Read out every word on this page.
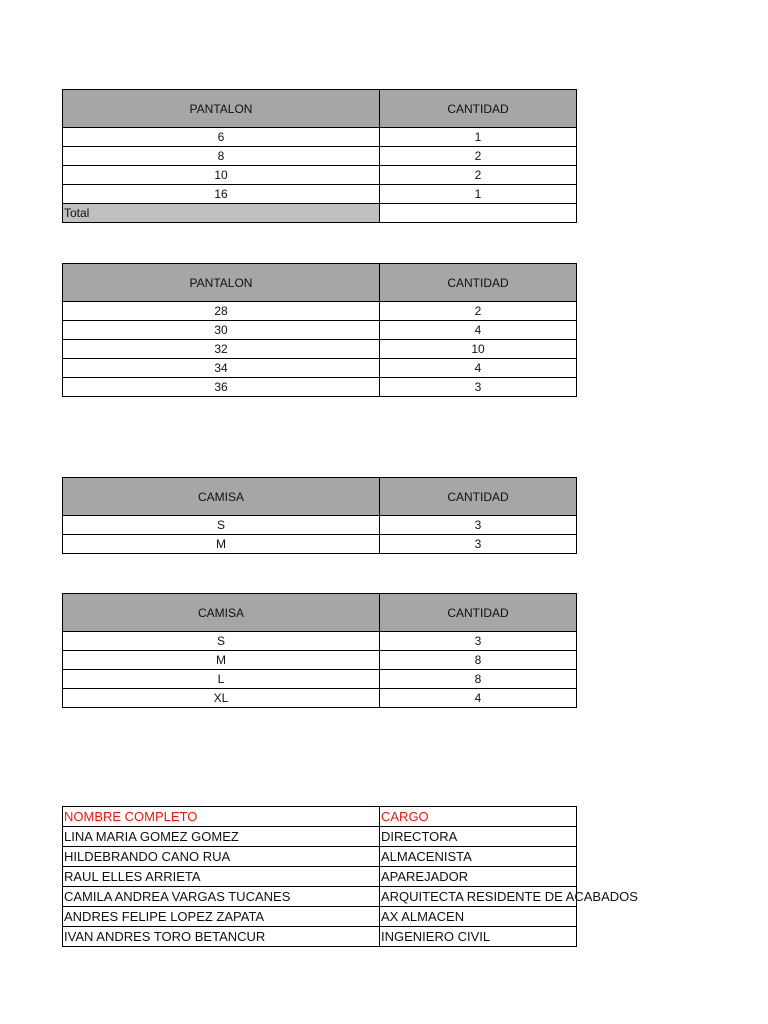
PANTALON	CANTIDAD
6	1
8	2
10	2
16	1
Total	
PANTALON	CANTIDAD
28	2
30	4
32	10
34	4
36	3
CAMISA	CANTIDAD
S	3
M	3
CAMISA	CANTIDAD
S	3
M	8
L	8
XL	4
NOMBRE COMPLETO	CARGO
LINA MARIA GOMEZ GOMEZ	DIRECTORA
HILDEBRANDO CANO RUA	ALMACENISTA
RAUL ELLES ARRIETA	APAREJADOR
CAMILA ANDREA VARGAS TUCANES	ARQUITECTA RESIDENTE DE ACABADOS
ANDRES FELIPE LOPEZ ZAPATA	AX ALMACEN
IVAN ANDRES TORO BETANCUR	INGENIERO CIVIL
